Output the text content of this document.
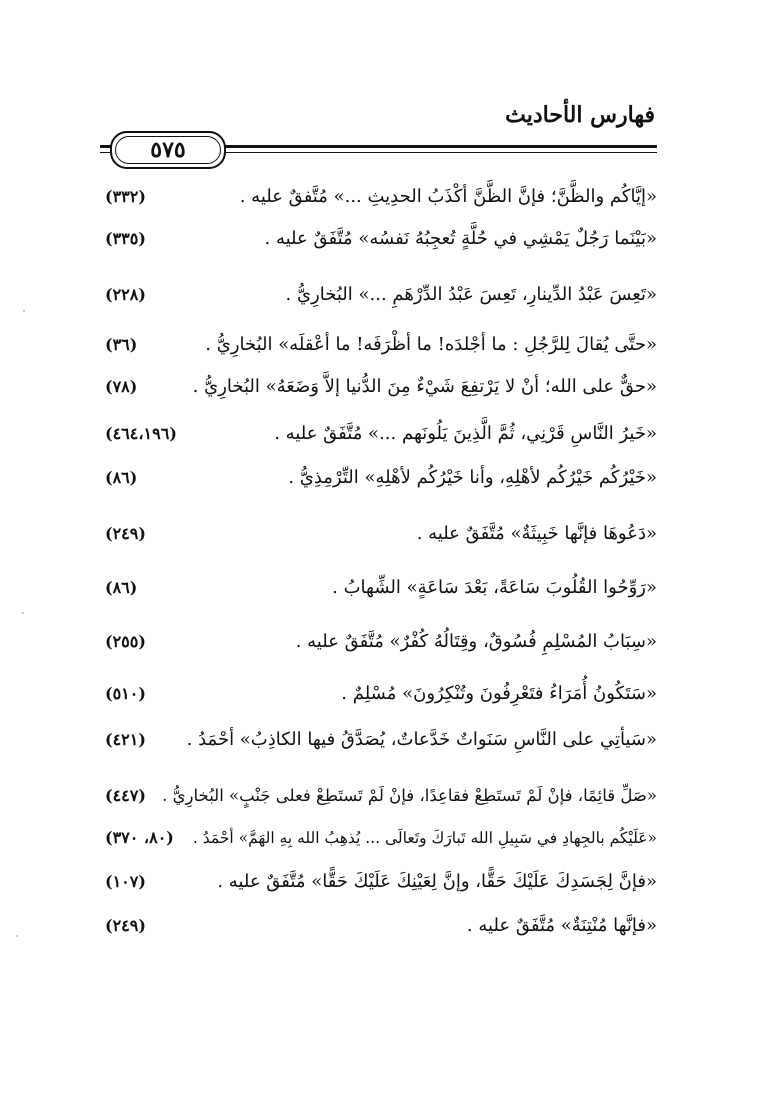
فهارس الأحاديث
٥٧٥
«إيَّاكُم والظَّنَّ؛ فإنَّ الظَّنَّ أكْذَبُ الحدِيثِ ...» مُتَّفقٌ عليه .
(٣٣٢)
«بَيْنَما رَجُلٌ يَمْشِي في حُلَّةٍ تُعجِبُهُ نَفسُه» مُتَّفَقٌ عليه .
(٣٣٥)
«تَعِسَ عَبْدُ الدِّينارِ، تَعِسَ عَبْدُ الدِّرْهَمِ ...» البُخارِيُّ .
(٢٢٨)
«حتَّى يُقالَ لِلرَّجُلِ : ما أجْلدَه! ما أظْرَفَه! ما أعْقلَه» البُخارِيُّ .
(٣٦)
«حقٌّ على الله؛ أنْ لا يَرْتفِعَ شَيْءٌ مِنَ الدُّنيا إلاَّ وَضَعَهُ» البُخارِيُّ .
(٧٨)
«خَيرُ النَّاسِ قَرْنِي، ثُمَّ الَّذِينَ يَلُونَهم ...» مُتَّفَقٌ عليه .
(٤٦٤،١٩٦)
«خَيْرُكُم خَيْرُكُم لأهْلِهِ، وأنا خَيْرُكُم لأهْلِهِ» التِّرْمِذِيُّ .
(٨٦)
«دَعُوهَا فإنَّها خَبِيثَةٌ» مُتَّفَقٌ عليه .
(٢٤٩)
«رَوِّحُوا القُلُوبَ سَاعَةً، بَعْدَ سَاعَةٍ» الشِّهابُ .
(٨٦)
«سِبَابُ المُسْلِمِ فُسُوقٌ، وقِتَالُهُ كُفْرٌ» مُتَّفَقٌ عليه .
(٢٥٥)
«سَتَكُونُ أُمَرَاءُ فتَعْرِفُونَ وتُنْكِرُونَ» مُسْلِمٌ .
(٥١٠)
«سَيأتِي على النَّاسِ سَنَواتٌ خَدَّعاتٌ، يُصَدَّقُ فيها الكاذِبُ» أحْمَدُ .
(٤٢١)
«صَلِّ قائِمًا، فإنْ لَمْ تَستَطِعْ فقاعِدًا، فإنْ لَمْ تَستَطِعْ فعلى جَنْبٍ» البُخارِيُّ .
(٤٤٧)
«عَلَيْكُم بالجِهادِ في سَبِيلِ الله تَبارَكَ وتَعالَى ... يُذهِبُ الله بِهِ الهَمَّ» أحْمَدُ .
(٨٠، ٣٧٠)
«فإنَّ لِجَسَدِكَ عَلَيْكَ حَقًّا، وإنَّ لِعَيْنِكَ عَلَيْكَ حَقًّا» مُتَّفَقٌ عليه .
(١٠٧)
«فإنَّها مُنْتِنَةٌ» مُتَّفَقٌ عليه .
(٢٤٩)
